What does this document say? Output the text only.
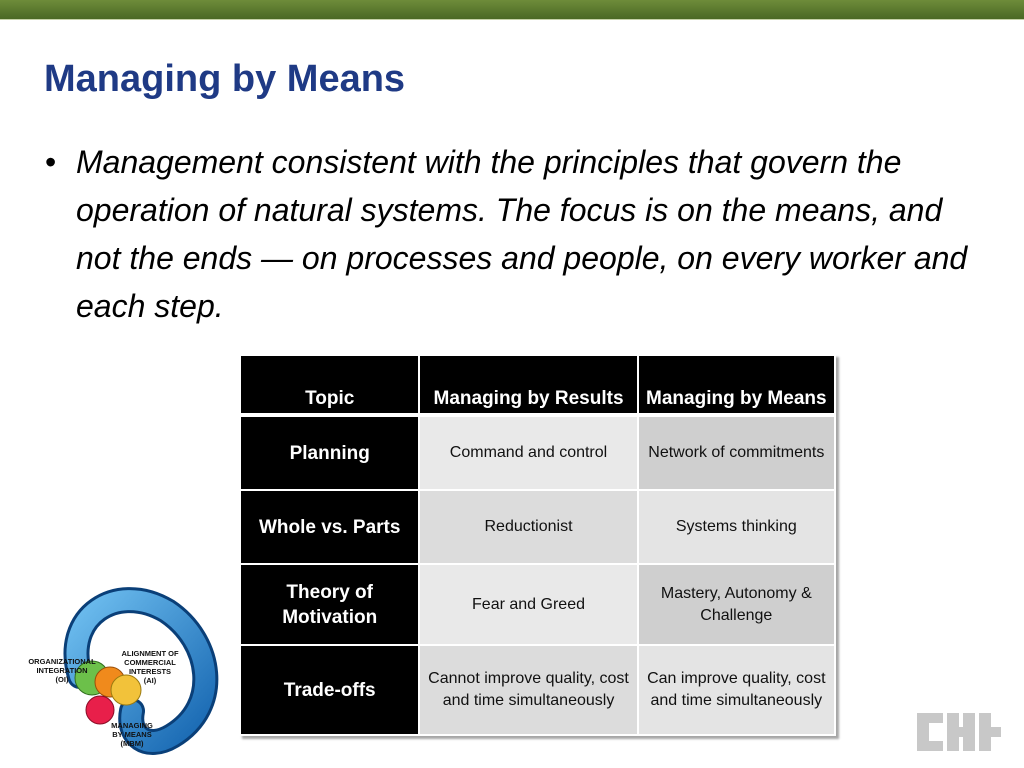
Managing by Means
• Management consistent with the principles that govern the operation of natural systems. The focus is on the means, and not the ends — on processes and people, on every worker and each step.
Topic	Managing by Results	Managing by Means
Planning	Command and control	Network of commitments
Whole vs. Parts	Reductionist	Systems thinking
Theory of Motivation	Fear and Greed	Mastery, Autonomy & Challenge
Trade-offs	Cannot improve quality, cost and time simultaneously	Can improve quality, cost and time simultaneously
ORGANIZATIONAL
INTEGRATION
(OI)
ALIGNMENT OF
COMMERCIAL
INTERESTS
(AI)
MANAGING
BY MEANS
(MBM)
